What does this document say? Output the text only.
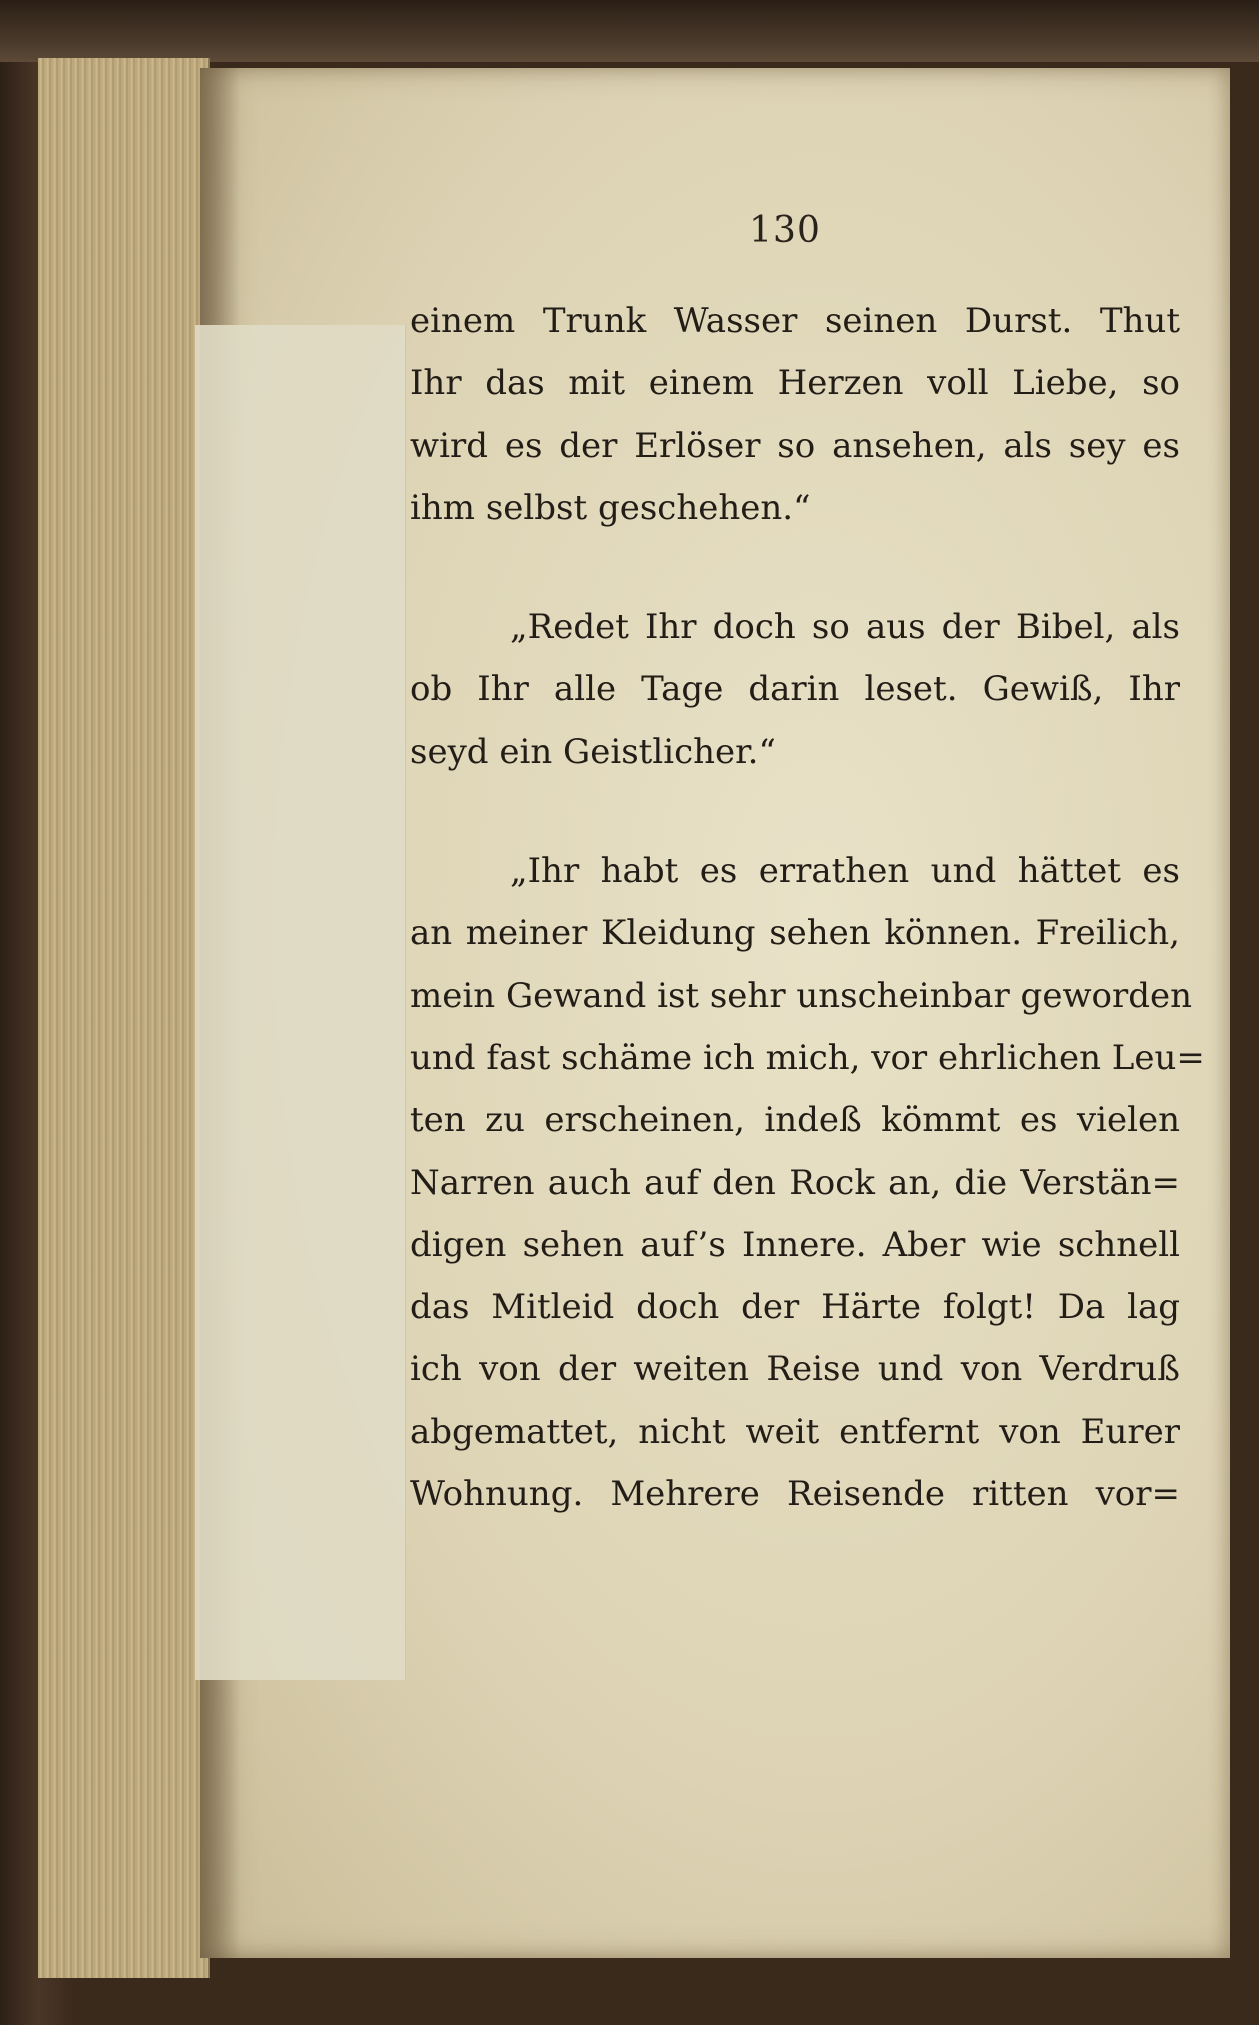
130
einem Trunk Wasser seinen Durst. Thut
Ihr das mit einem Herzen voll Liebe, so
wird es der Erlöser so ansehen, als sey es
ihm selbst geschehen.“
„Redet Ihr doch so aus der Bibel, als
ob Ihr alle Tage darin leset. Gewiß, Ihr
seyd ein Geistlicher.“
„Ihr habt es errathen und hättet es
an meiner Kleidung sehen können. Freilich,
mein Gewand ist sehr unscheinbar geworden
und fast schäme ich mich, vor ehrlichen Leu=
ten zu erscheinen, indeß kömmt es vielen
Narren auch auf den Rock an, die Verstän=
digen sehen auf’s Innere. Aber wie schnell
das Mitleid doch der Härte folgt! Da lag
ich von der weiten Reise und von Verdruß
abgemattet, nicht weit entfernt von Eurer
Wohnung. Mehrere Reisende ritten vor=
